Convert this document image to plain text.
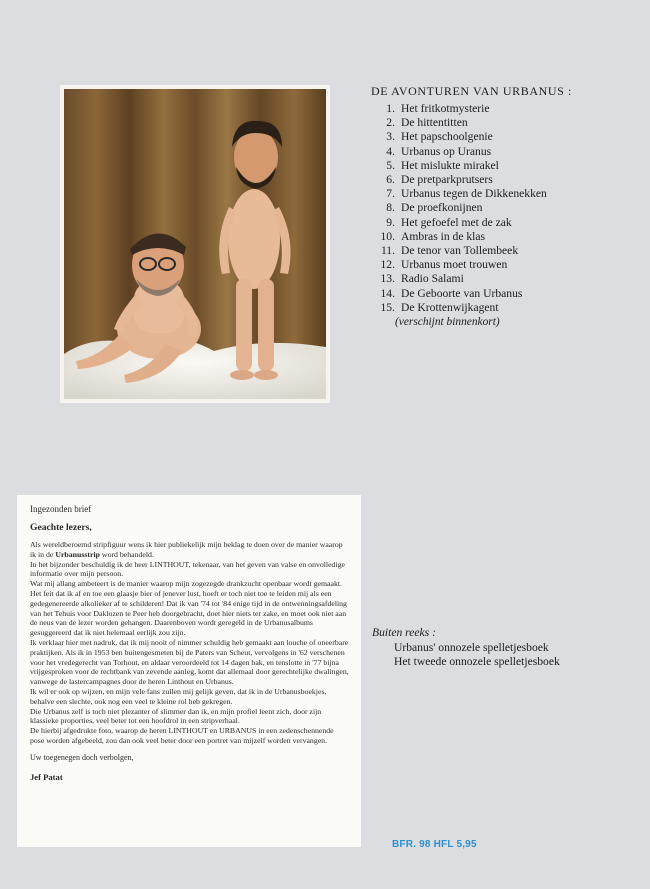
DE AVONTUREN VAN URBANUS :
1. Het fritkotmysterie
2. De hittentitten
3. Het papschoolgenie
4. Urbanus op Uranus
5. Het mislukte mirakel
6. De pretparkprutsers
7. Urbanus tegen de Dikkenekken
8. De proefkonijnen
9. Het gefoefel met de zak
10. Ambras in de klas
11. De tenor van Tollembeek
12. Urbanus moet trouwen
13. Radio Salami
14. De Geboorte van Urbanus
15. De Krottenwijkagent
(verschijnt binnenkort)
Buiten reeks :
Urbanus' onnozele spelletjesboek
Het tweede onnozele spelletjesboek
Ingezonden brief
Geachte lezers,

Als wereldberoemd stripfiguur wens ik hier publiekelijk mijn beklag te doen over de manier waarop ik in de Urbanusstrip word behandeld.

In het bijzonder beschuldig ik de heer LINTHOUT, tekenaar, van het geven van valse en onvolledige informatie over mijn persoon.

Wat mij allang ambeteert is de manier waarop mijn zogezegde drankzucht openbaar wordt gemaakt. Het feit dat ik af en toe een glaasje bier of jenever lust, hoeft er toch niet toe te leiden mij als een gedegenereerde alkolieker af te schilderen! Dat ik van '74 tot '84 enige tijd in de ontwenningsafdeling van het Tehuis voor Daklozen te Peer heb doorgebracht, doet hier niets ter zake, en moet ook niet aan de neus van de lezer worden gehangen. Daarenboven wordt geregeld in de Urbanusalbums gesuggereerd dat ik niet helemaal eerlijk zou zijn.

Ik verklaar hier met nadruk, dat ik mij nooit of nimmer schuldig heb gemaakt aan louche of oneerbare praktijken. Als ik in 1953 ben buitengesmeten bij de Paters van Scheut, vervolgens in '62 verschenen voor het vredegerecht van Torhout, en aldaar veroordeeld tot 14 dagen bak, en tenslotte in '77 bijna vrijgesproken voor de rechtbank van zevende aanleg, komt dat allemaal door gerechtelijke dwalingen, vanwege de lastercampagnes door de heren Linthout en Urbanus.

Ik wil er ook op wijzen, en mijn vele fans zullen mij gelijk geven, dat ik in de Urbanusboekjes, behalve een slechte, ook nog een veel te kleine rol heb gekregen.

Die Urbanus zelf is toch niet plezanter of slimmer dan ik, en mijn profiel leent zich, door zijn klassieke proporties, veel beter tot een hoofdrol in een stripverhaal.

De hierbij afgedrukte foto, waarop de heren LINTHOUT en URBANUS in een zedenschennende pose worden afgebeeld, zou dan ook veel beter door een portret van mijzelf worden vervangen.

Uw toegenegen doch verbolgen,
Jef Patat
BFR. 98 HFL 5,95
